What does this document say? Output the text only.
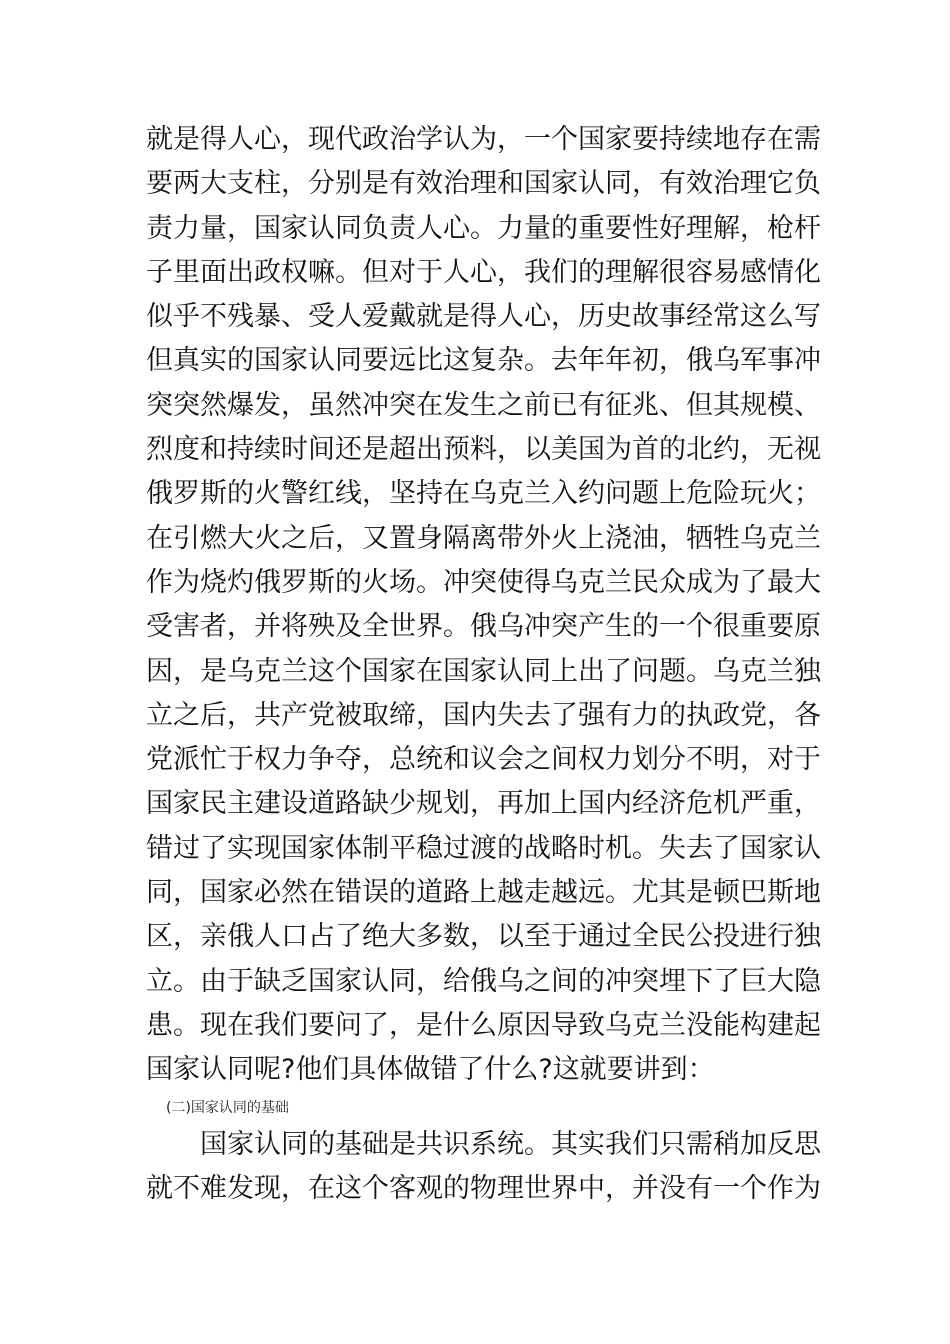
就是得人心，现代政治学认为，一个国家要持续地存在需
要两大支柱，分别是有效治理和国家认同，有效治理它负
责力量，国家认同负责人心。力量的重要性好理解，枪杆
子里面出政权嘛。但对于人心，我们的理解很容易感情化
似乎不残暴、受人爱戴就是得人心，历史故事经常这么写
但真实的国家认同要远比这复杂。去年年初，俄乌军事冲
突突然爆发，虽然冲突在发生之前已有征兆、但其规模、
烈度和持续时间还是超出预料，以美国为首的北约，无视
俄罗斯的火警红线，坚持在乌克兰入约问题上危险玩火；
在引燃大火之后，又置身隔离带外火上浇油，牺牲乌克兰
作为烧灼俄罗斯的火场。冲突使得乌克兰民众成为了最大
受害者，并将殃及全世界。俄乌冲突产生的一个很重要原
因，是乌克兰这个国家在国家认同上出了问题。乌克兰独
立之后，共产党被取缔，国内失去了强有力的执政党，各
党派忙于权力争夺，总统和议会之间权力划分不明，对于
国家民主建设道路缺少规划，再加上国内经济危机严重，
错过了实现国家体制平稳过渡的战略时机。失去了国家认
同，国家必然在错误的道路上越走越远。尤其是顿巴斯地
区，亲俄人口占了绝大多数，以至于通过全民公投进行独
立。由于缺乏国家认同，给俄乌之间的冲突埋下了巨大隐
患。现在我们要问了，是什么原因导致乌克兰没能构建起
国家认同呢?他们具体做错了什么?这就要讲到：
(二)国家认同的基础
国家认同的基础是共识系统。其实我们只需稍加反思
就不难发现，在这个客观的物理世界中，并没有一个作为
